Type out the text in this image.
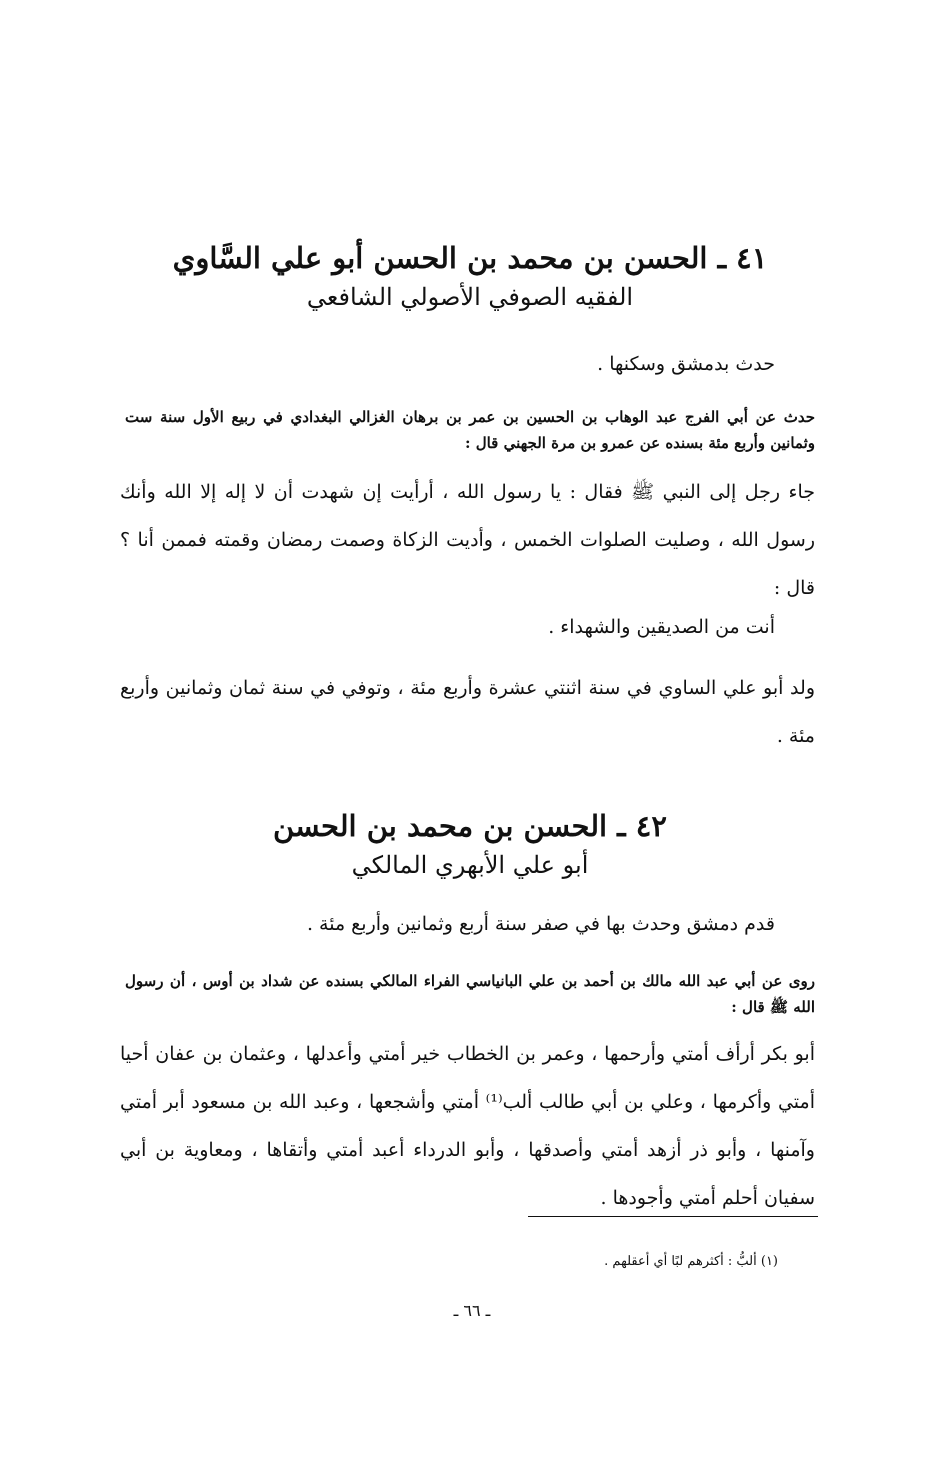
٤١ ـ الحسن بن محمد بن الحسن أبو علي السَّاوي
الفقيه الصوفي الأصولي الشافعي
حدث بدمشق وسكنها .
حدث عن أبي الفرج عبد الوهاب بن الحسين بن عمر بن برهان الغزالي البغدادي في ربيع الأول سنة ست وثمانين وأربع مئة بسنده عن عمرو بن مرة الجهني قال :
جاء رجل إلى النبي ﷺ فقال : يا رسول الله ، أرأيت إن شهدت أن لا إله إلا الله وأنك رسول الله ، وصليت الصلوات الخمس ، وأديت الزكاة وصمت رمضان وقمته فممن أنا ؟ قال :
أنت من الصديقين والشهداء .
ولد أبو علي الساوي في سنة اثنتي عشرة وأربع مئة ، وتوفي في سنة ثمان وثمانين وأربع مئة .
٤٢ ـ الحسن بن محمد بن الحسن
أبو علي الأبهري المالكي
قدم دمشق وحدث بها في صفر سنة أربع وثمانين وأربع مئة .
روى عن أبي عبد الله مالك بن أحمد بن علي البانياسي الفراء المالكي بسنده عن شداد بن أوس ، أن رسول الله ﷺ قال :
أبو بكر أرأف أمتي وأرحمها ، وعمر بن الخطاب خير أمتي وأعدلها ، وعثمان بن عفان أحيا أمتي وأكرمها ، وعلي بن أبي طالب ألب⁽¹⁾ أمتي وأشجعها ، وعبد الله بن مسعود أبر أمتي وآمنها ، وأبو ذر أزهد أمتي وأصدقها ، وأبو الدرداء أعبد أمتي وأتقاها ، ومعاوية بن أبي سفيان أحلم أمتي وأجودها .
(١) ألبُّ : أكثرهم لبًا أي أعقلهم .
ـ ٦٦ ـ
